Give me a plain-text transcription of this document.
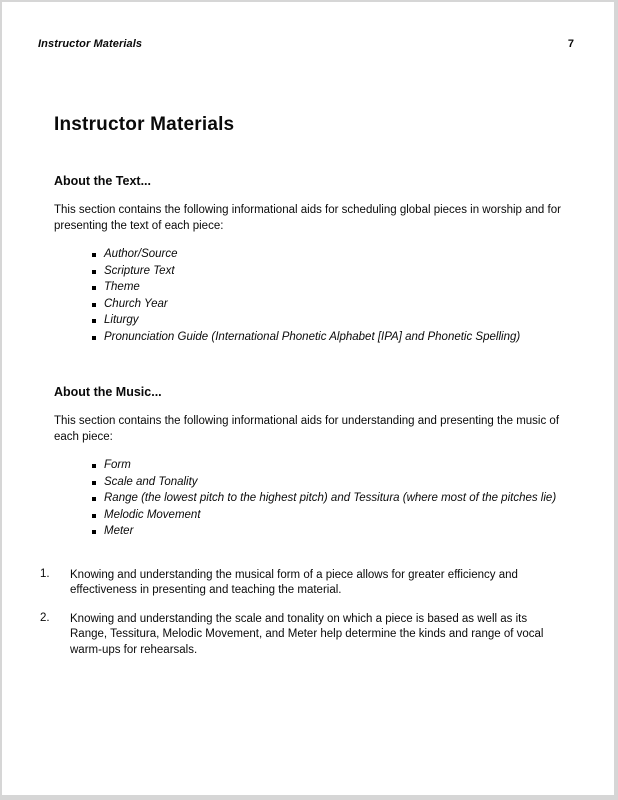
Instructor Materials	7
Instructor Materials
About the Text...

This section contains the following informational aids for scheduling global pieces in worship and for presenting the text of each piece:

Author/Source
Scripture Text
Theme
Church Year
Liturgy
Pronunciation Guide (International Phonetic Alphabet [IPA] and Phonetic Spelling)
About the Music...

This section contains the following informational aids for understanding and presenting the music of each piece:

Form
Scale and Tonality
Range (the lowest pitch to the highest pitch) and Tessitura (where most of the pitches lie)
Melodic Movement
Meter
1.	Knowing and understanding the musical form of a piece allows for greater efficiency and effectiveness in presenting and teaching the material.
2.	Knowing and understanding the scale and tonality on which a piece is based as well as its Range, Tessitura, Melodic Movement, and Meter help determine the kinds and range of vocal warm-ups for rehearsals.
